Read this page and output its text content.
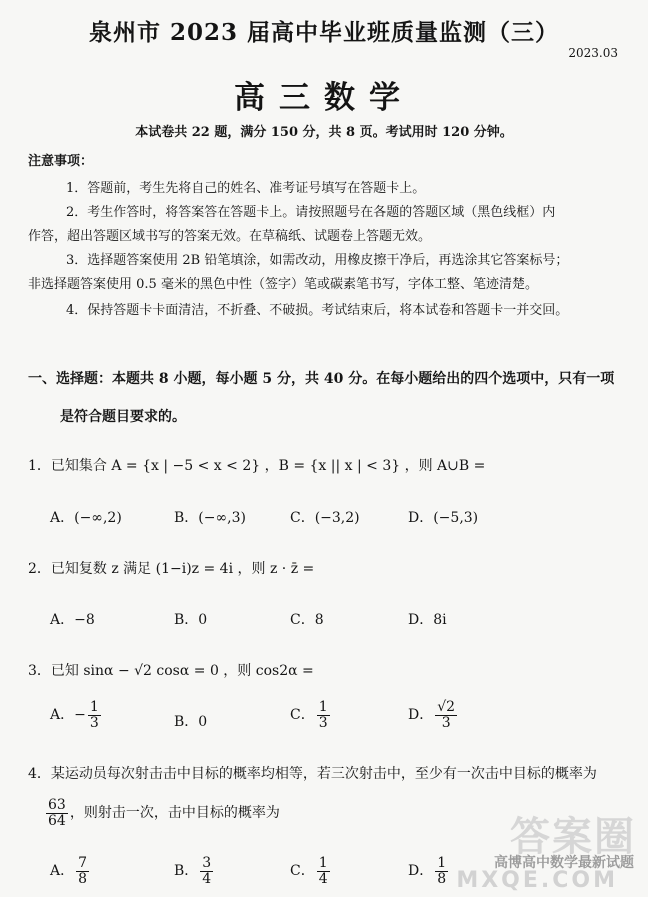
泉州市 2023 届高中毕业班质量监测（三）
2023.03
高三数学
本试卷共 22 题，满分 150 分，共 8 页。考试用时 120 分钟。
注意事项：
1．答题前，考生先将自己的姓名、准考证号填写在答题卡上。
2．考生作答时，将答案答在答题卡上。请按照题号在各题的答题区域（黑色线框）内
作答，超出答题区域书写的答案无效。在草稿纸、试题卷上答题无效。
3．选择题答案使用 2B 铅笔填涂，如需改动，用橡皮擦干净后，再选涂其它答案标号；
非选择题答案使用 0.5 毫米的黑色中性（签字）笔或碳素笔书写，字体工整、笔迹清楚。
4．保持答题卡卡面清洁，不折叠、不破损。考试结束后，将本试卷和答题卡一并交回。
一、选择题：本题共 8 小题，每小题 5 分，共 40 分。在每小题给出的四个选项中，只有一项
是符合题目要求的。
1．已知集合 A = {x | −5 < x < 2} ，B = {x || x | < 3} ，则 A∪B =
A．(−∞,2)	B．(−∞,3)	C．(−3,2)	D．(−5,3)
2．已知复数 z 满足 (1−i)z = 4i ，则 z · z̄ =
A．−8	B．0	C．8	D．8i
3．已知 sinα − √2 cosα = 0 ，则 cos2α =
A．− $\frac{1}{3}$	B．0	C． $\frac{1}{3}$	D． $\frac{√2}{3}$
4．某运动员每次射击击中目标的概率均相等，若三次射击中，至少有一次击中目标的概率为
$\frac{63}{64}$ ，则射击一次，击中目标的概率为
A． $\frac{7}{8}$	B． $\frac{3}{4}$	C． $\frac{1}{4}$	D． $\frac{1}{8}$
答案圈
高博高中数学最新试题
MXQE.COM
